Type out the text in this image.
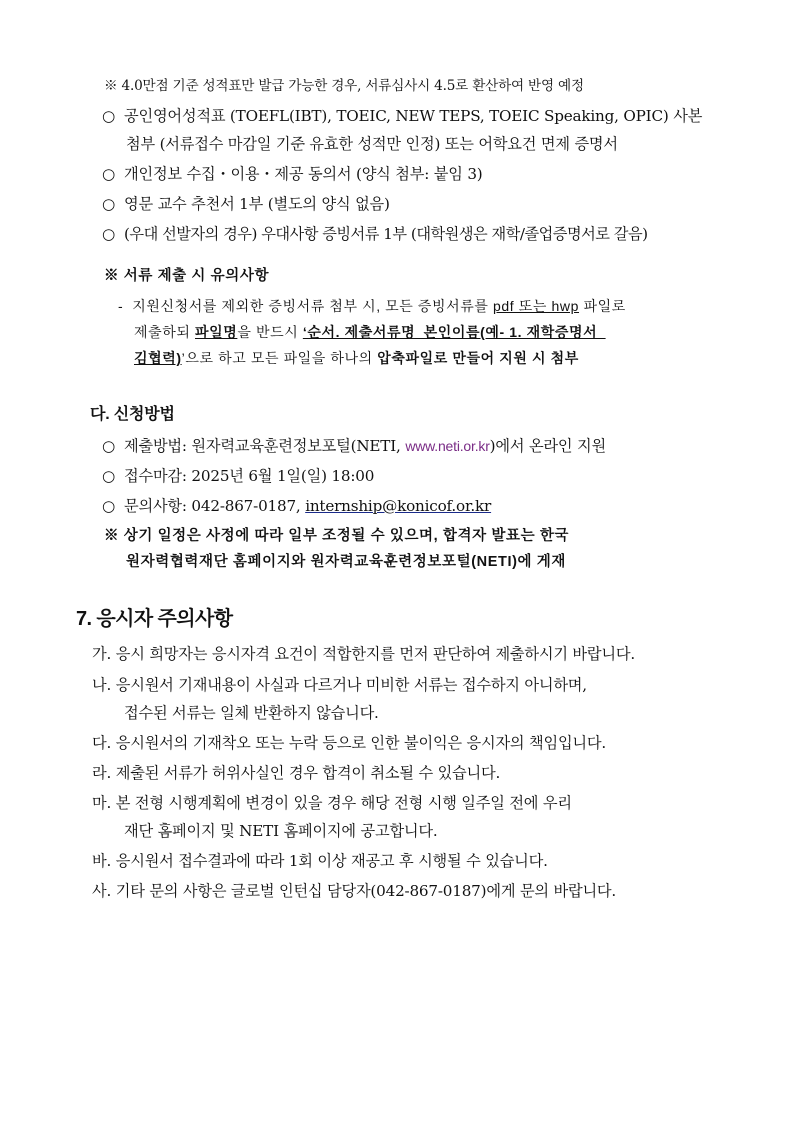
※ 4.0만점 기준 성적표만 발급 가능한 경우, 서류심사시 4.5로 환산하여 반영 예정
○ 공인영어성적표 (TOEFL(IBT), TOEIC, NEW TEPS, TOEIC Speaking, OPIC) 사본
첨부 (서류접수 마감일 기준 유효한 성적만 인정) 또는 어학요건 면제 증명서
○ 개인정보 수집・이용・제공 동의서 (양식 첨부: 붙임 3)
○ 영문 교수 추천서 1부 (별도의 양식 없음)
○ (우대 선발자의 경우) 우대사항 증빙서류 1부 (대학원생은 재학/졸업증명서로 갈음)
※ 서류 제출 시 유의사항
- 지원신청서를 제외한 증빙서류 첨부 시, 모든 증빙서류를 pdf 또는 hwp 파일로
제출하되 파일명을 반드시 ‘순서. 제출서류명_본인이름(예- 1. 재학증명서_
김협력)’으로 하고 모든 파일을 하나의 압축파일로 만들어 지원 시 첨부
다. 신청방법
○ 제출방법: 원자력교육훈련정보포털(NETI, www.neti.or.kr)에서 온라인 지원
○ 접수마감: 2025년 6월 1일(일) 18:00
○ 문의사항: 042-867-0187, internship@konicof.or.kr
※ 상기 일정은 사정에 따라 일부 조정될 수 있으며, 합격자 발표는 한국
원자력협력재단 홈페이지와 원자력교육훈련정보포털(NETI)에 게재
7. 응시자 주의사항
가. 응시 희망자는 응시자격 요건이 적합한지를 먼저 판단하여 제출하시기 바랍니다.
나. 응시원서 기재내용이 사실과 다르거나 미비한 서류는 접수하지 아니하며,
접수된 서류는 일체 반환하지 않습니다.
다. 응시원서의 기재착오 또는 누락 등으로 인한 불이익은 응시자의 책임입니다.
라. 제출된 서류가 허위사실인 경우 합격이 취소될 수 있습니다.
마. 본 전형 시행계획에 변경이 있을 경우 해당 전형 시행 일주일 전에 우리
재단 홈페이지 및 NETI 홈페이지에 공고합니다.
바. 응시원서 접수결과에 따라 1회 이상 재공고 후 시행될 수 있습니다.
사. 기타 문의 사항은 글로벌 인턴십 담당자(042-867-0187)에게 문의 바랍니다.
